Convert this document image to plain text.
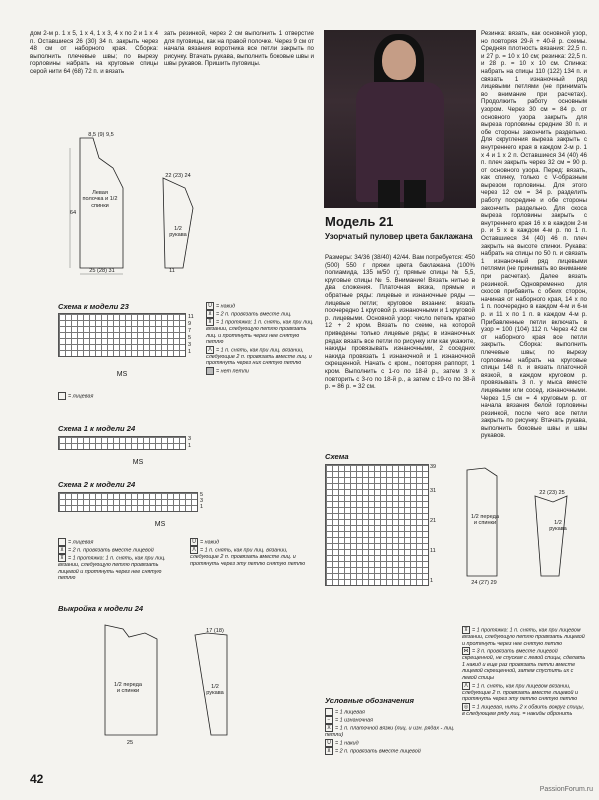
дом 2-м р. 1 х 5, 1 х 4, 1 х 3, 4 х по 2 и 1 х 4 п. Оставшиеся 26 (30) 34 п. закрыть через 48 см от наборного края. Сборка: выполнить плечевые швы; по вырезу горловины набрать на круговые спицы серой нити 64 (68) 72 п. и вязать
зать резинкой, через 2 см выполнить 1 отверстие для пуговицы, как на правой полочке. Через 9 см от начала вязания воротника все петли закрыть по рисунку. Втачать рукава, выполнить боковые швы и швы рукавов. Пришить пуговицы.
Левая полочка и 1/2 спинки
1/2 рукава
8,5 (9) 9,5
64
25 (28) 31
22 (23) 24
11
Схема к модели 23
11
9
7
5
3
1
MS
= лицевая
U = накид
⊻ = 2 п. провязать вместе лиц.
⊼ = 1 протяжка: 1 п. снять, как при лиц. вязании, следующую петлю провязать лиц. и протянуть через нее снятую петлю
Λ = 1 п. снять, как при лиц. вязании, следующие 2 п. провязать вместе лиц. и протянуть через них снятую петлю
= нет петли
Схема 1 к модели 24
3
1
MS
Схема 2 к модели 24
5
3
1
MS
= лицевая
⊻ = 2 п. провязать вместе лицевой
⊼ = 1 протяжка: 1 п. снять, как при лиц. вязании, следующую петлю провязать лицевой и протянуть через нее снятую петлю
U = накид
Λ = 1 п. снять, как при лиц. вязании, следующие 2 п. провязать вместе лиц. и протянуть через эту петлю снятую петлю
Выкройка к модели 24
1/2 переда и спинки
1/2 рукава
25
17 (18)
Модель 21
Узорчатый пуловер цвета баклажана
Размеры: 34/36 (38/40) 42/44. Вам потребуется: 450 (500) 550 г пряжи цвета баклажана (100% полиамида, 135 м/50 г); прямые спицы № 5,5, круговые спицы № 5. Внимание! Вязать нитью в два сложения. Платочная вязка, прямые и обратные ряды: лицевые и изнаночные ряды — лицевые петли; круговое вязание: вязать поочередно 1 круговой р. изнаночными и 1 круговой р. лицевыми. Основной узор: число петель кратно 12 + 2 кром. Вязать по схеме, на которой приведены только лицевые ряды; в изнаночных рядах вязать все петли по рисунку или как укажите, накиды провязывать изнаночными, 2 соседних накида провязать 1 изнаночной и 1 изнаночной скрещенной. Начать с кром., повторяя раппорт, 1 кром. Выполнить с 1-го по 18-й р., затем 3 х повторить с 3-го по 18-й р., а затем с 19-го по 38-й р. = 86 р. = 32 см.
Резинка: вязать, как основной узор, но повторяя 29-й + 40-й р. схемы. Средняя плотность вязания: 22,5 п. и 27 р. = 10 х 10 см; резинка: 22,5 п. и 28 р. = 10 х 10 см. Спинка: набрать на спицы 110 (122) 134 п. и связать 1 изнаночный ряд лицевыми петлями (не принимать во внимание при расчетах). Продолжить работу основным узором. Через 30 см = 84 р. от основного узора закрыть для выреза горловины средние 30 п. и обе стороны закончить раздельно. Для скругления выреза закрыть с внутреннего края в каждом 2-м р. 1 х 4 и 1 х 2 п. Оставшиеся 34 (40) 46 п. плеч закрыть через 32 см = 90 р. от основного узора. Перед: вязать, как спинку, только с V-образным вырезом горловины. Для этого через 12 см = 34 р. разделить работу посредине и обе стороны закончить раздельно. Для скоса выреза горловины закрыть с внутреннего края 16 х в каждом 2-м р. и 5 х в каждом 4-м р. по 1 п. Оставшиеся 34 (40) 46 п. плеч закрыть на высоте спинки. Рукава: набрать на спицы по 50 п. и связать 1 изнаночный ряд лицевыми петлями (не принимать во внимание при расчетах). Далее вязать резинкой. Одновременно для скосов прибавить с обеих сторон, начиная от наборного края, 14 х по 1 п. поочередно в каждом 4-м и 6-м р. и 11 х по 1 п. в каждом 4-м р. Прибавленные петли включать в узор = 100 (104) 112 п. Через 42 см от наборного края все петли закрыть. Сборка: выполнить плечевые швы; по вырезу горловины набрать на круговые спицы 148 п. и вязать платочной вязкой, в каждом круговом р. провязывать 3 п. у мыса вместе лицевыми или сосед. изнаночными. Через 1,5 см = 4 круговым р. от начала вязания белой горловины резинкой, после чего все петли закрыть по рисунку. Втачать рукава, выполнить боковые швы и швы рукавов.
Схема
39
31
21
11
1
Условные обозначения
= 1 лицевая
− = 1 изнаночная
X = 1 п. платочной вязки (лиц. и изн. рядах - лиц. петли)
U = 1 накид
⊻ = 2 п. провязать вместе лицевой
⊼ = 1 протяжка: 1 п. снять, как при лицевом вязании, следующую петлю провязать лицевой и протянуть через нее снятую петлю
⋈ = 3 п. провязать вместе лицевой скрещенной, не спуская с левой спицы, сделать 1 накид и еще раз провязать петли вместе лицевой скрещенной, затем спустить их с левой спицы
Λ = 1 п. снять, как при лицевом вязании, следующие 2 п. провязать вместе лицевой и протянуть через эту петлю снятую петлю
◎ = 1 лицевая, нить 2 х обвить вокруг спицы, в следующем ряду лиц. = накиды обронить
1/2 переда и спинки	1/2 рукава
24 (27) 29
22 (23) 25
42
PassionForum.ru
